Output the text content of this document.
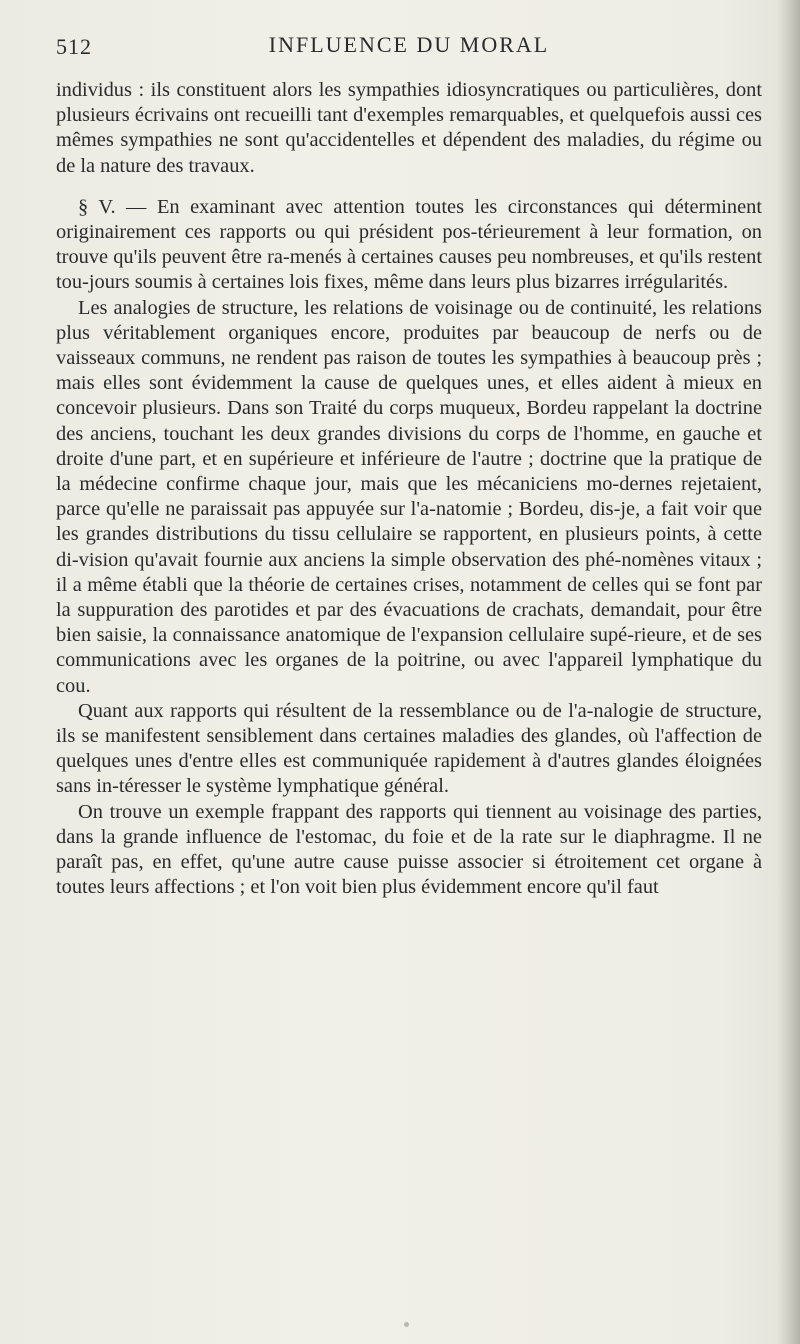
512	INFLUENCE DU MORAL

individus : ils constituent alors les sympathies idiosyncratiques ou particulières, dont plusieurs écrivains ont recueilli tant d'exemples remarquables, et quelquefois aussi ces mêmes sympathies ne sont qu'accidentelles et dépendent des maladies, du régime ou de la nature des travaux.

§ V. — En examinant avec attention toutes les circonstances qui déterminent originairement ces rapports ou qui président pos-térieurement à leur formation, on trouve qu'ils peuvent être ra-menés à certaines causes peu nombreuses, et qu'ils restent tou-jours soumis à certaines lois fixes, même dans leurs plus bizarres irrégularités.

Les analogies de structure, les relations de voisinage ou de continuité, les relations plus véritablement organiques encore, produites par beaucoup de nerfs ou de vaisseaux communs, ne rendent pas raison de toutes les sympathies à beaucoup près ; mais elles sont évidemment la cause de quelques unes, et elles aident à mieux en concevoir plusieurs. Dans son Traité du corps muqueux, Bordeu rappelant la doctrine des anciens, touchant les deux grandes divisions du corps de l'homme, en gauche et droite d'une part, et en supérieure et inférieure de l'autre ; doctrine que la pratique de la médecine confirme chaque jour, mais que les mécaniciens mo-dernes rejetaient, parce qu'elle ne paraissait pas appuyée sur l'a-natomie ; Bordeu, dis-je, a fait voir que les grandes distributions du tissu cellulaire se rapportent, en plusieurs points, à cette di-vision qu'avait fournie aux anciens la simple observation des phé-nomènes vitaux ; il a même établi que la théorie de certaines crises, notamment de celles qui se font par la suppuration des parotides et par des évacuations de crachats, demandait, pour être bien saisie, la connaissance anatomique de l'expansion cellulaire supé-rieure, et de ses communications avec les organes de la poitrine, ou avec l'appareil lymphatique du cou.

Quant aux rapports qui résultent de la ressemblance ou de l'a-nalogie de structure, ils se manifestent sensiblement dans certaines maladies des glandes, où l'affection de quelques unes d'entre elles est communiquée rapidement à d'autres glandes éloignées sans in-téresser le système lymphatique général.

On trouve un exemple frappant des rapports qui tiennent au voisinage des parties, dans la grande influence de l'estomac, du foie et de la rate sur le diaphragme. Il ne paraît pas, en effet, qu'une autre cause puisse associer si étroitement cet organe à toutes leurs affections ; et l'on voit bien plus évidemment encore qu'il faut
